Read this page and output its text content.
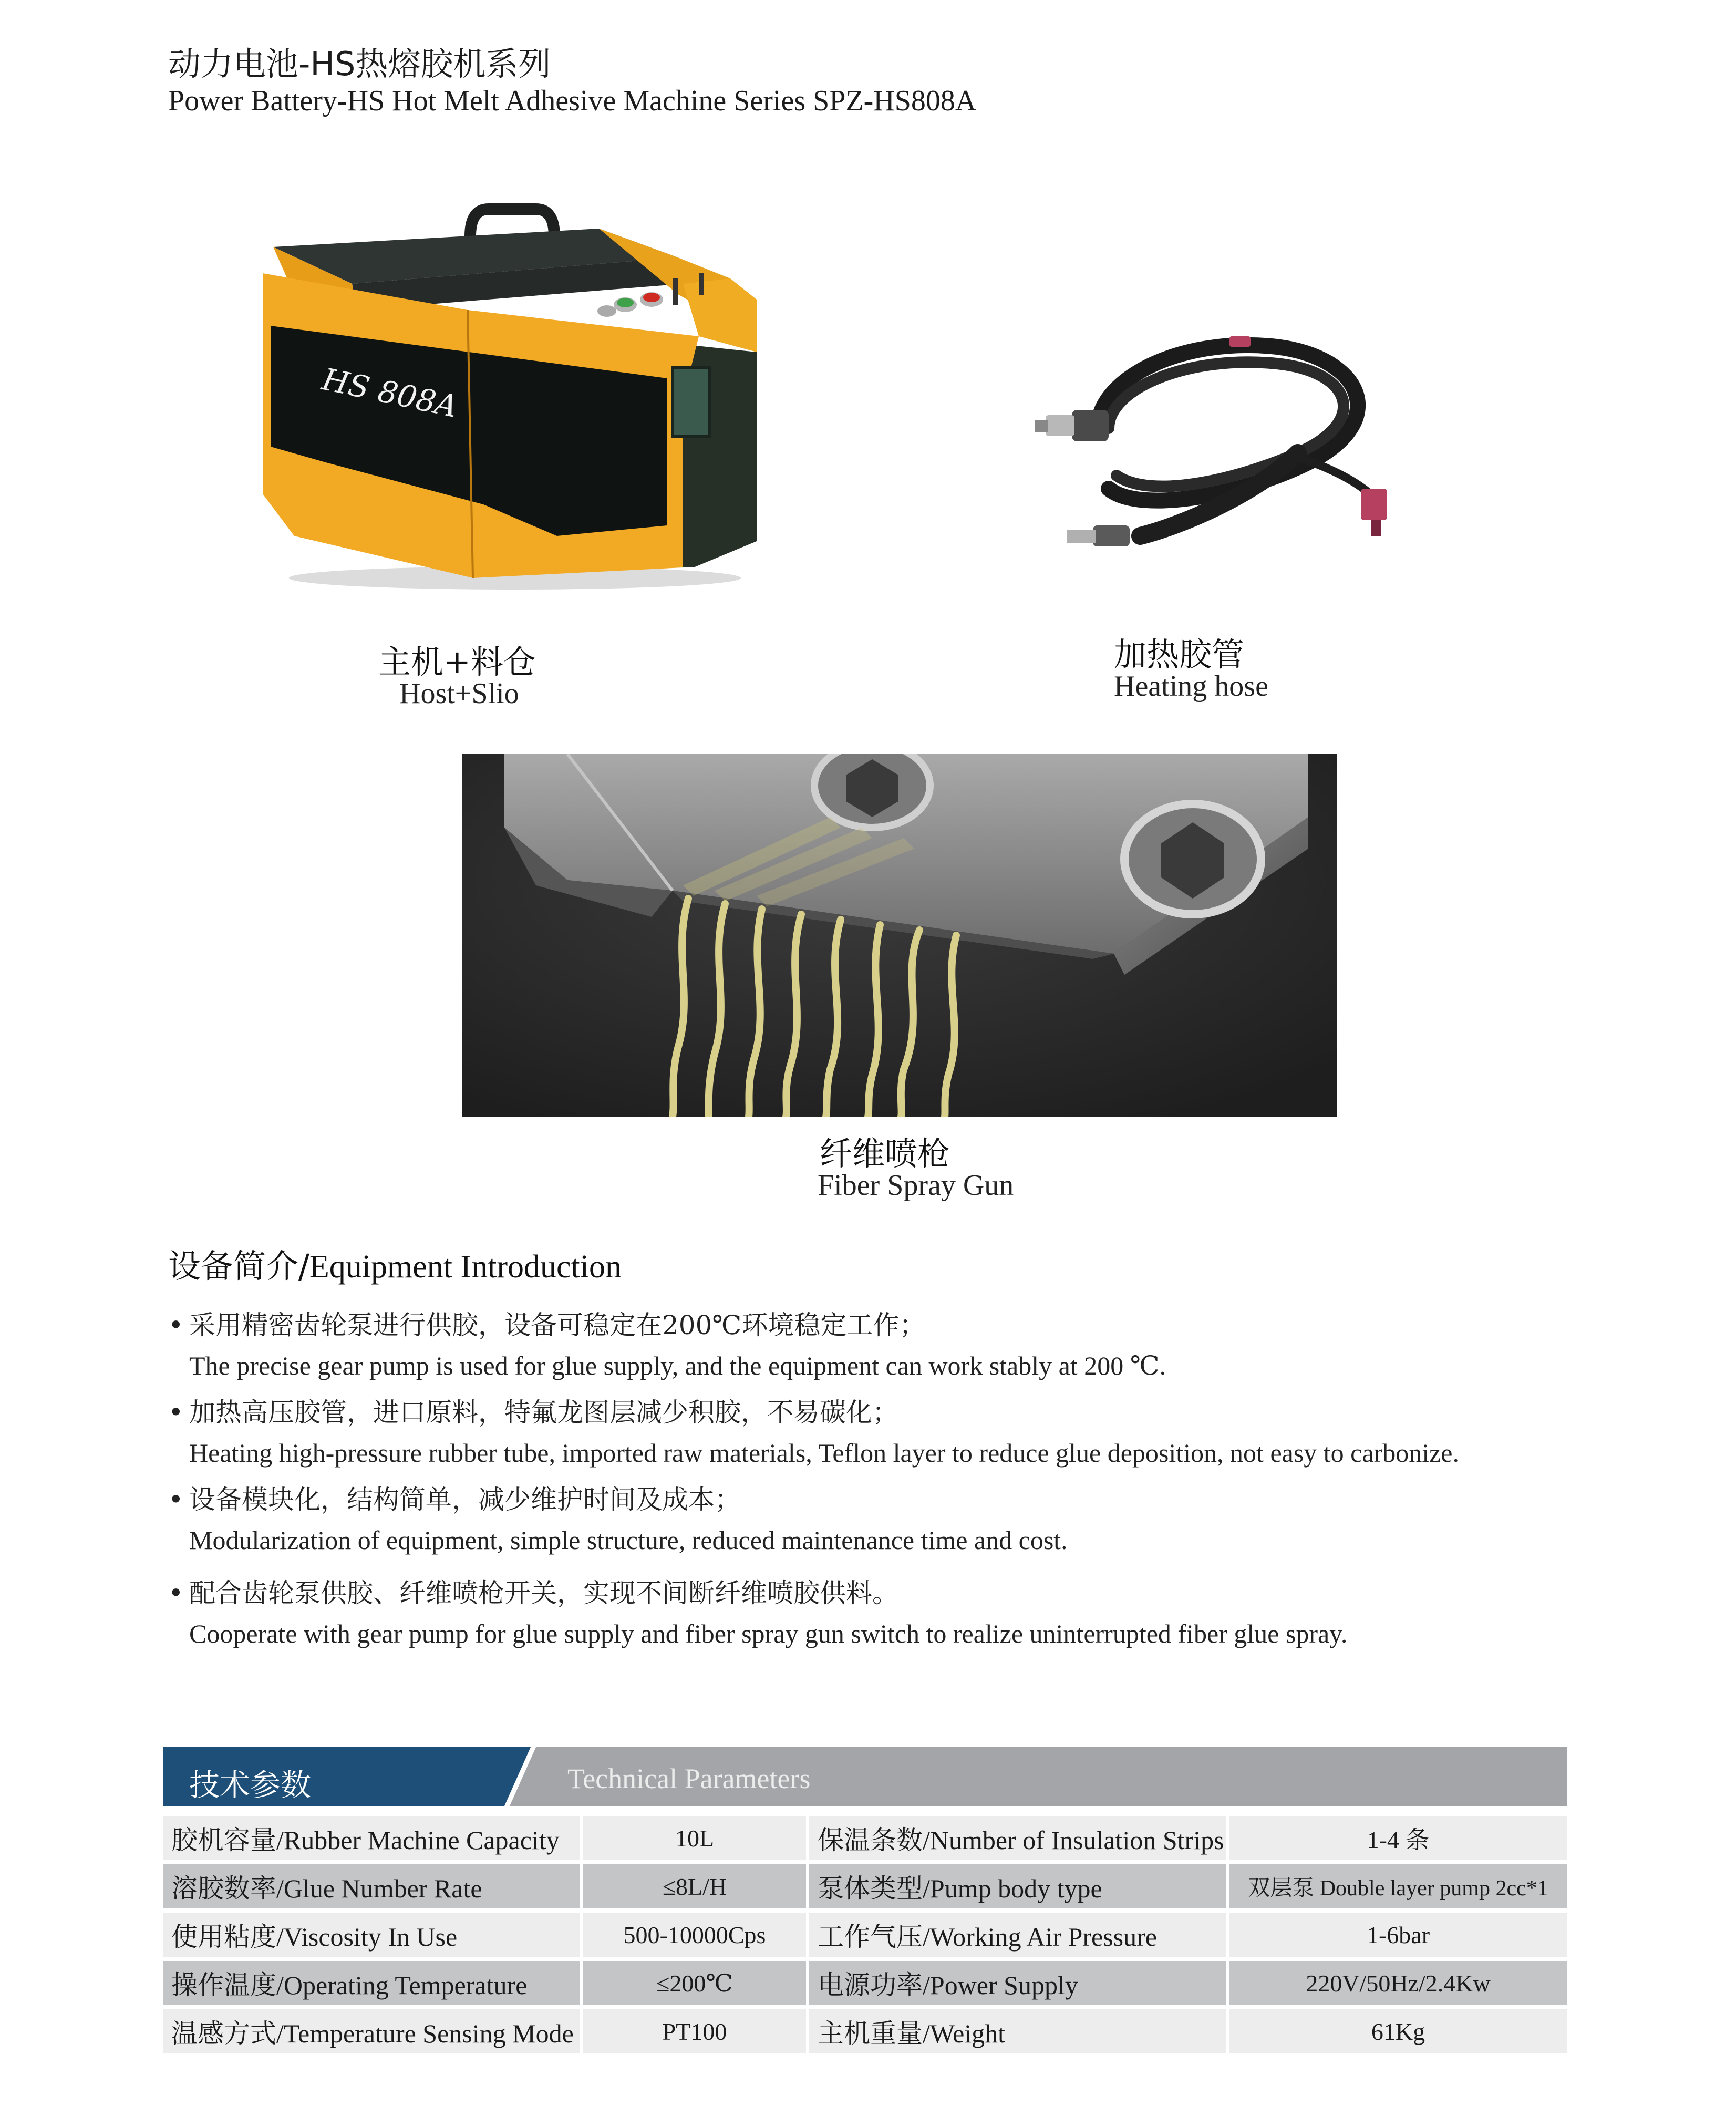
动力电池-HS热熔胶机系列
Power Battery-HS Hot Melt Adhesive Machine Series SPZ-HS808A
HS 808A
主机+料仓
Host+Slio
加热胶管
Heating hose
纤维喷枪
Fiber Spray Gun
设备简介/Equipment Introduction
• 采用精密齿轮泵进行供胶，设备可稳定在200℃环境稳定工作；
The precise gear pump is used for glue supply, and the equipment can work stably at 200 ℃.
• 加热高压胶管，进口原料，特氟龙图层减少积胶，不易碳化；
Heating high-pressure rubber tube, imported raw materials, Teflon layer to reduce glue deposition, not easy to carbonize.
• 设备模块化，结构简单，减少维护时间及成本；
Modularization of equipment, simple structure, reduced maintenance time and cost.
• 配合齿轮泵供胶、纤维喷枪开关，实现不间断纤维喷胶供料。
Cooperate with gear pump for glue supply and fiber spray gun switch to realize uninterrupted fiber glue spray.
技术参数	Technical Parameters
胶机容量/Rubber Machine Capacity	10L	保温条数/Number of Insulation Strips	1-4 条
溶胶数率/Glue Number Rate	≤8L/H	泵体类型/Pump body type	双层泵 Double layer pump 2cc*1
使用粘度/Viscosity In Use	500-10000Cps	工作气压/Working Air Pressure	1-6bar
操作温度/Operating Temperature	≤200℃	电源功率/Power Supply	220V/50Hz/2.4Kw
温感方式/Temperature Sensing Mode	PT100	主机重量/Weight	61Kg
